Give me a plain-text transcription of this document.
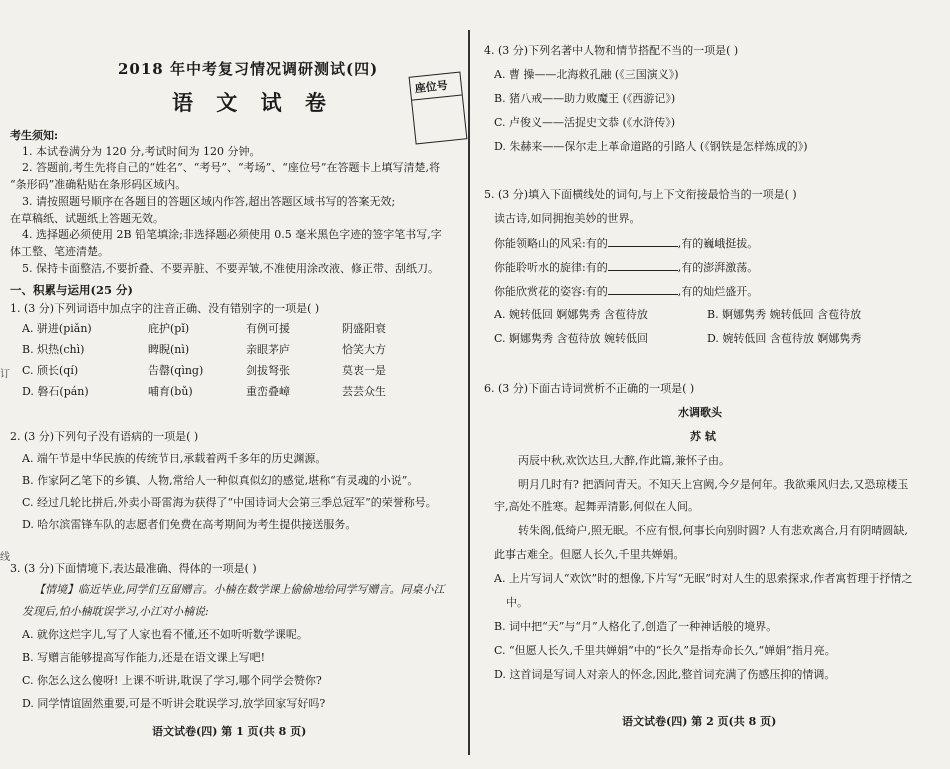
2018 年中考复习情况调研测试(四)
语 文 试 卷
座位号
考生须知:
1. 本试卷满分为 120 分,考试时间为 120 分钟。
2. 答题前,考生先将自己的“姓名”、“考号”、“考场”、“座位号”在答题卡上填写清楚,将
“条形码”准确粘贴在条形码区域内。
3. 请按照题号顺序在各题目的答题区域内作答,超出答题区域书写的答案无效;
在草稿纸、试题纸上答题无效。
4. 选择题必须使用 2B 铅笔填涂;非选择题必须使用 0.5 毫米黑色字迹的签字笔书写,字
体工整、笔迹清楚。
5. 保持卡面整洁,不要折叠、不要弄脏、不要弄皱,不准使用涂改液、修正带、刮纸刀。
一、积累与运用(25 分)
1. (3 分)下列词语中加点字的注音正确、没有错别字的一项是( )
A. 骈进(piǎn)	庇护(pǐ)	有例可援	阴盛阳衰
B. 炽热(chì)	睥睨(nì)	亲眼茅庐	恰笑大方
C. 颀长(qí)	告罄(qìng)	剑拔弩张	莫衷一是
D. 磐石(pán)	哺育(bǔ)	重峦叠嶂	芸芸众生
2. (3 分)下列句子没有语病的一项是( )
A. 端午节是中华民族的传统节日,承载着两千多年的历史渊源。
B. 作家阿乙笔下的乡镇、人物,常给人一种似真似幻的感觉,堪称“有灵魂的小说”。
C. 经过几轮比拼后,外卖小哥雷海为获得了“中国诗词大会第三季总冠军”的荣誉称号。
D. 哈尔滨雷锋车队的志愿者们免费在高考期间为考生提供接送服务。
3. (3 分)下面情境下,表达最准确、得体的一项是( )
【情境】临近毕业,同学们互留赠言。小楠在数学课上偷偷地给同学写赠言。同桌小江
发现后,怕小楠耽误学习,小江对小楠说:
A. 就你这烂字儿,写了人家也看不懂,还不如听听数学课呢。
B. 写赠言能够提高写作能力,还是在语文课上写吧!
C. 你怎么这么傻呀! 上课不听讲,耽误了学习,哪个同学会赞你?
D. 同学情谊固然重要,可是不听讲会耽误学习,放学回家写好吗?
语文试卷(四) 第 1 页(共 8 页)
订
线
4. (3 分)下列名著中人物和情节搭配不当的一项是( )
A. 曹 操——北海救孔融 (《三国演义》)
B. 猪八戒——助力败魔王 (《西游记》)
C. 卢俊义——活捉史文恭 (《水浒传》)
D. 朱赫来——保尔走上革命道路的引路人 (《钢铁是怎样炼成的》)
5. (3 分)填入下面横线处的词句,与上下文衔接最恰当的一项是( )
读古诗,如同拥抱美妙的世界。
你能领略山的风采:有的	,有的巍峨挺拔。
你能聆听水的旋律:有的	,有的澎湃激荡。
你能欣赏花的姿容:有的	,有的灿烂盛开。
A. 婉转低回 婀娜隽秀 含苞待放	B. 婀娜隽秀 婉转低回 含苞待放
C. 婀娜隽秀 含苞待放 婉转低回	D. 婉转低回 含苞待放 婀娜隽秀
6. (3 分)下面古诗词赏析不正确的一项是( )
水调歌头
苏 轼
丙辰中秋,欢饮达旦,大醉,作此篇,兼怀子由。
明月几时有? 把酒问青天。不知天上宫阙,今夕是何年。我欲乘风归去,又恐琼楼玉
宇,高处不胜寒。起舞弄清影,何似在人间。
转朱阁,低绮户,照无眠。不应有恨,何事长向别时圆? 人有悲欢离合,月有阴晴圆缺,
此事古难全。但愿人长久,千里共婵娟。
A. 上片写词人“欢饮”时的想像,下片写“无眠”时对人生的思索探求,作者寓哲理于抒情之
中。
B. 词中把“天”与“月”人格化了,创造了一种神话般的境界。
C. “但愿人长久,千里共婵娟”中的“长久”是指寿命长久,“婵娟”指月亮。
D. 这首词是写词人对亲人的怀念,因此,整首词充满了伤感压抑的情调。
语文试卷(四) 第 2 页(共 8 页)
